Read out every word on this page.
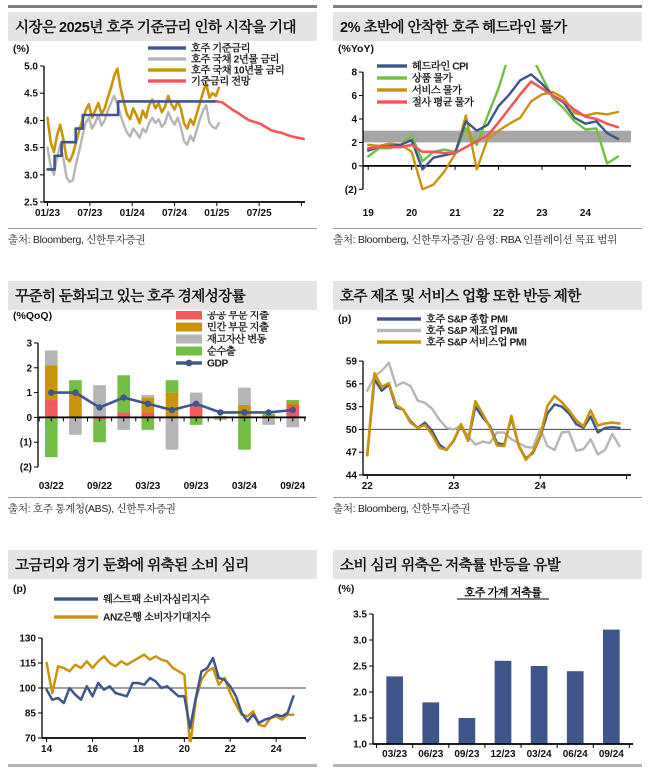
시장은 2025년 호주 기준금리 인하 시작을 기대
2.5
3.0
3.5
4.0
4.5
5.0
01/23 07/23 01/24 07/24 01/25 07/25
호주 기준금리
호주 국채 2년물 금리
호주 국채 10년물 금리
기준금리 전망
(%)
출처: Bloomberg, 신한투자증권
2% 초반에 안착한 호주 헤드라인 물가
(2)
0
2
4
6
8
19	20	21	22	23	24
헤드라인 CPI
상품 물가
서비스 물가
절사 평균 물가
(%YoY)
출처: Bloomberg, 신한투자증권/ 음영: RBA 인플레이션 목표 범위
꾸준히 둔화되고 있는 호주 경제성장률
(2)
(1)
0
1
2
3
03/22 09/22 03/23 09/23 03/24 09/24
공공 부문 지출
민간 부문 지출
재고자산 변동
순수출
GDP
(%QoQ)
출처: 호주 통계청(ABS), 신한투자증권
호주 제조 및 서비스 업황 또한 반등 제한
44
47
50
53
56
59
22	23	24
호주 S&P 종합 PMI
호주 S&P 제조업 PMI
호주 S&P 서비스업 PMI
(p)
출처: Bloomberg, 신한투자증권
고금리와 경기 둔화에 위축된 소비 심리
70
85
100
115
130
14	16	18	20	22	24
웨스트팩 소비자심리지수
ANZ은행 소비자기대지수
(p)
소비 심리 위축은 저축률 반등을 유발
1.0
1.5
2.0
2.5
3.0
3.5
03/23 06/23 09/23 12/23 03/24 06/24 09/24
(%)	호주 가계 저축률
